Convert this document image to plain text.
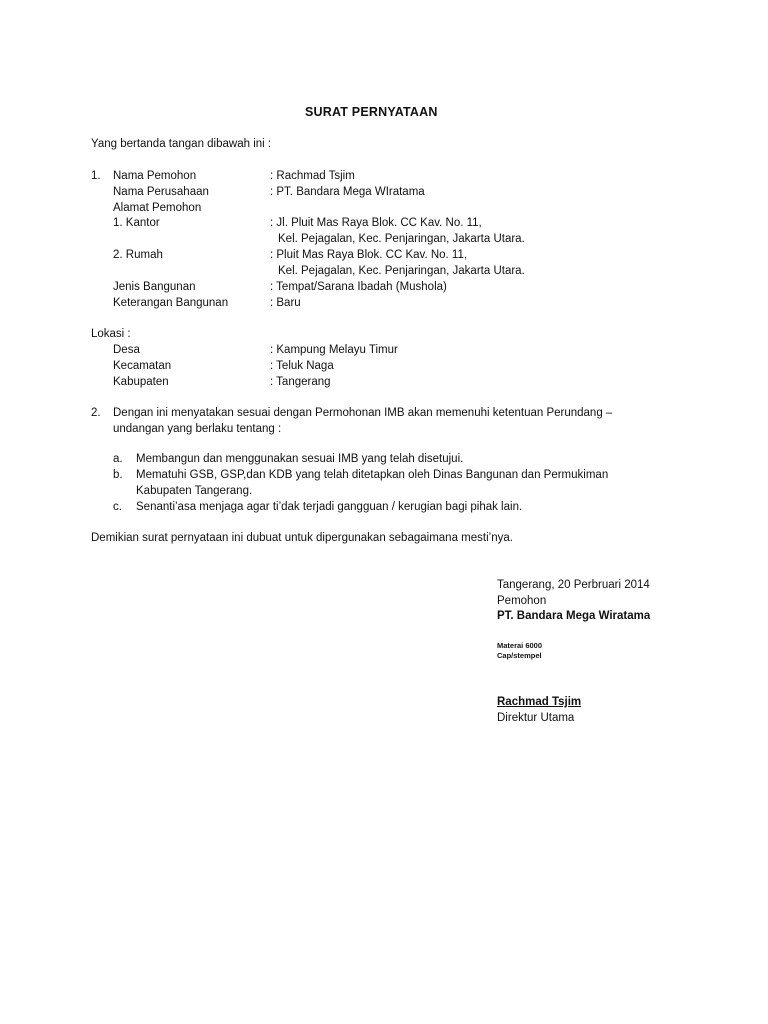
SURAT PERNYATAAN
Yang bertanda tangan dibawah ini :
1. Nama Pemohon	: Rachmad Tsjim
Nama Perusahaan	: PT. Bandara Mega WIratama
Alamat Pemohon
1. Kantor	: Jl. Pluit Mas Raya Blok. CC Kav. No. 11,
Kel. Pejagalan, Kec. Penjaringan, Jakarta Utara.
2. Rumah	: Pluit Mas Raya Blok. CC Kav. No. 11,
Kel. Pejagalan, Kec. Penjaringan, Jakarta Utara.
Jenis Bangunan	: Tempat/Sarana Ibadah (Mushola)
Keterangan Bangunan	: Baru
Lokasi :
Desa	: Kampung Melayu Timur
Kecamatan	: Teluk Naga
Kabupaten	: Tangerang
2. Dengan ini menyatakan sesuai dengan Permohonan IMB akan memenuhi ketentuan Perundang –
undangan yang berlaku tentang :
a. Membangun dan menggunakan sesuai IMB yang telah disetujui.
b. Mematuhi GSB, GSP,dan KDB yang telah ditetapkan oleh Dinas Bangunan dan Permukiman
Kabupaten Tangerang.
c. Senanti’asa menjaga agar ti’dak terjadi gangguan / kerugian bagi pihak lain.
Demikian surat pernyataan ini dubuat untuk dipergunakan sebagaimana mesti’nya.
Tangerang, 20 Perbruari 2014
Pemohon
PT. Bandara Mega Wiratama
Materai 6000
Cap/stempel
Rachmad Tsjim
Direktur Utama
